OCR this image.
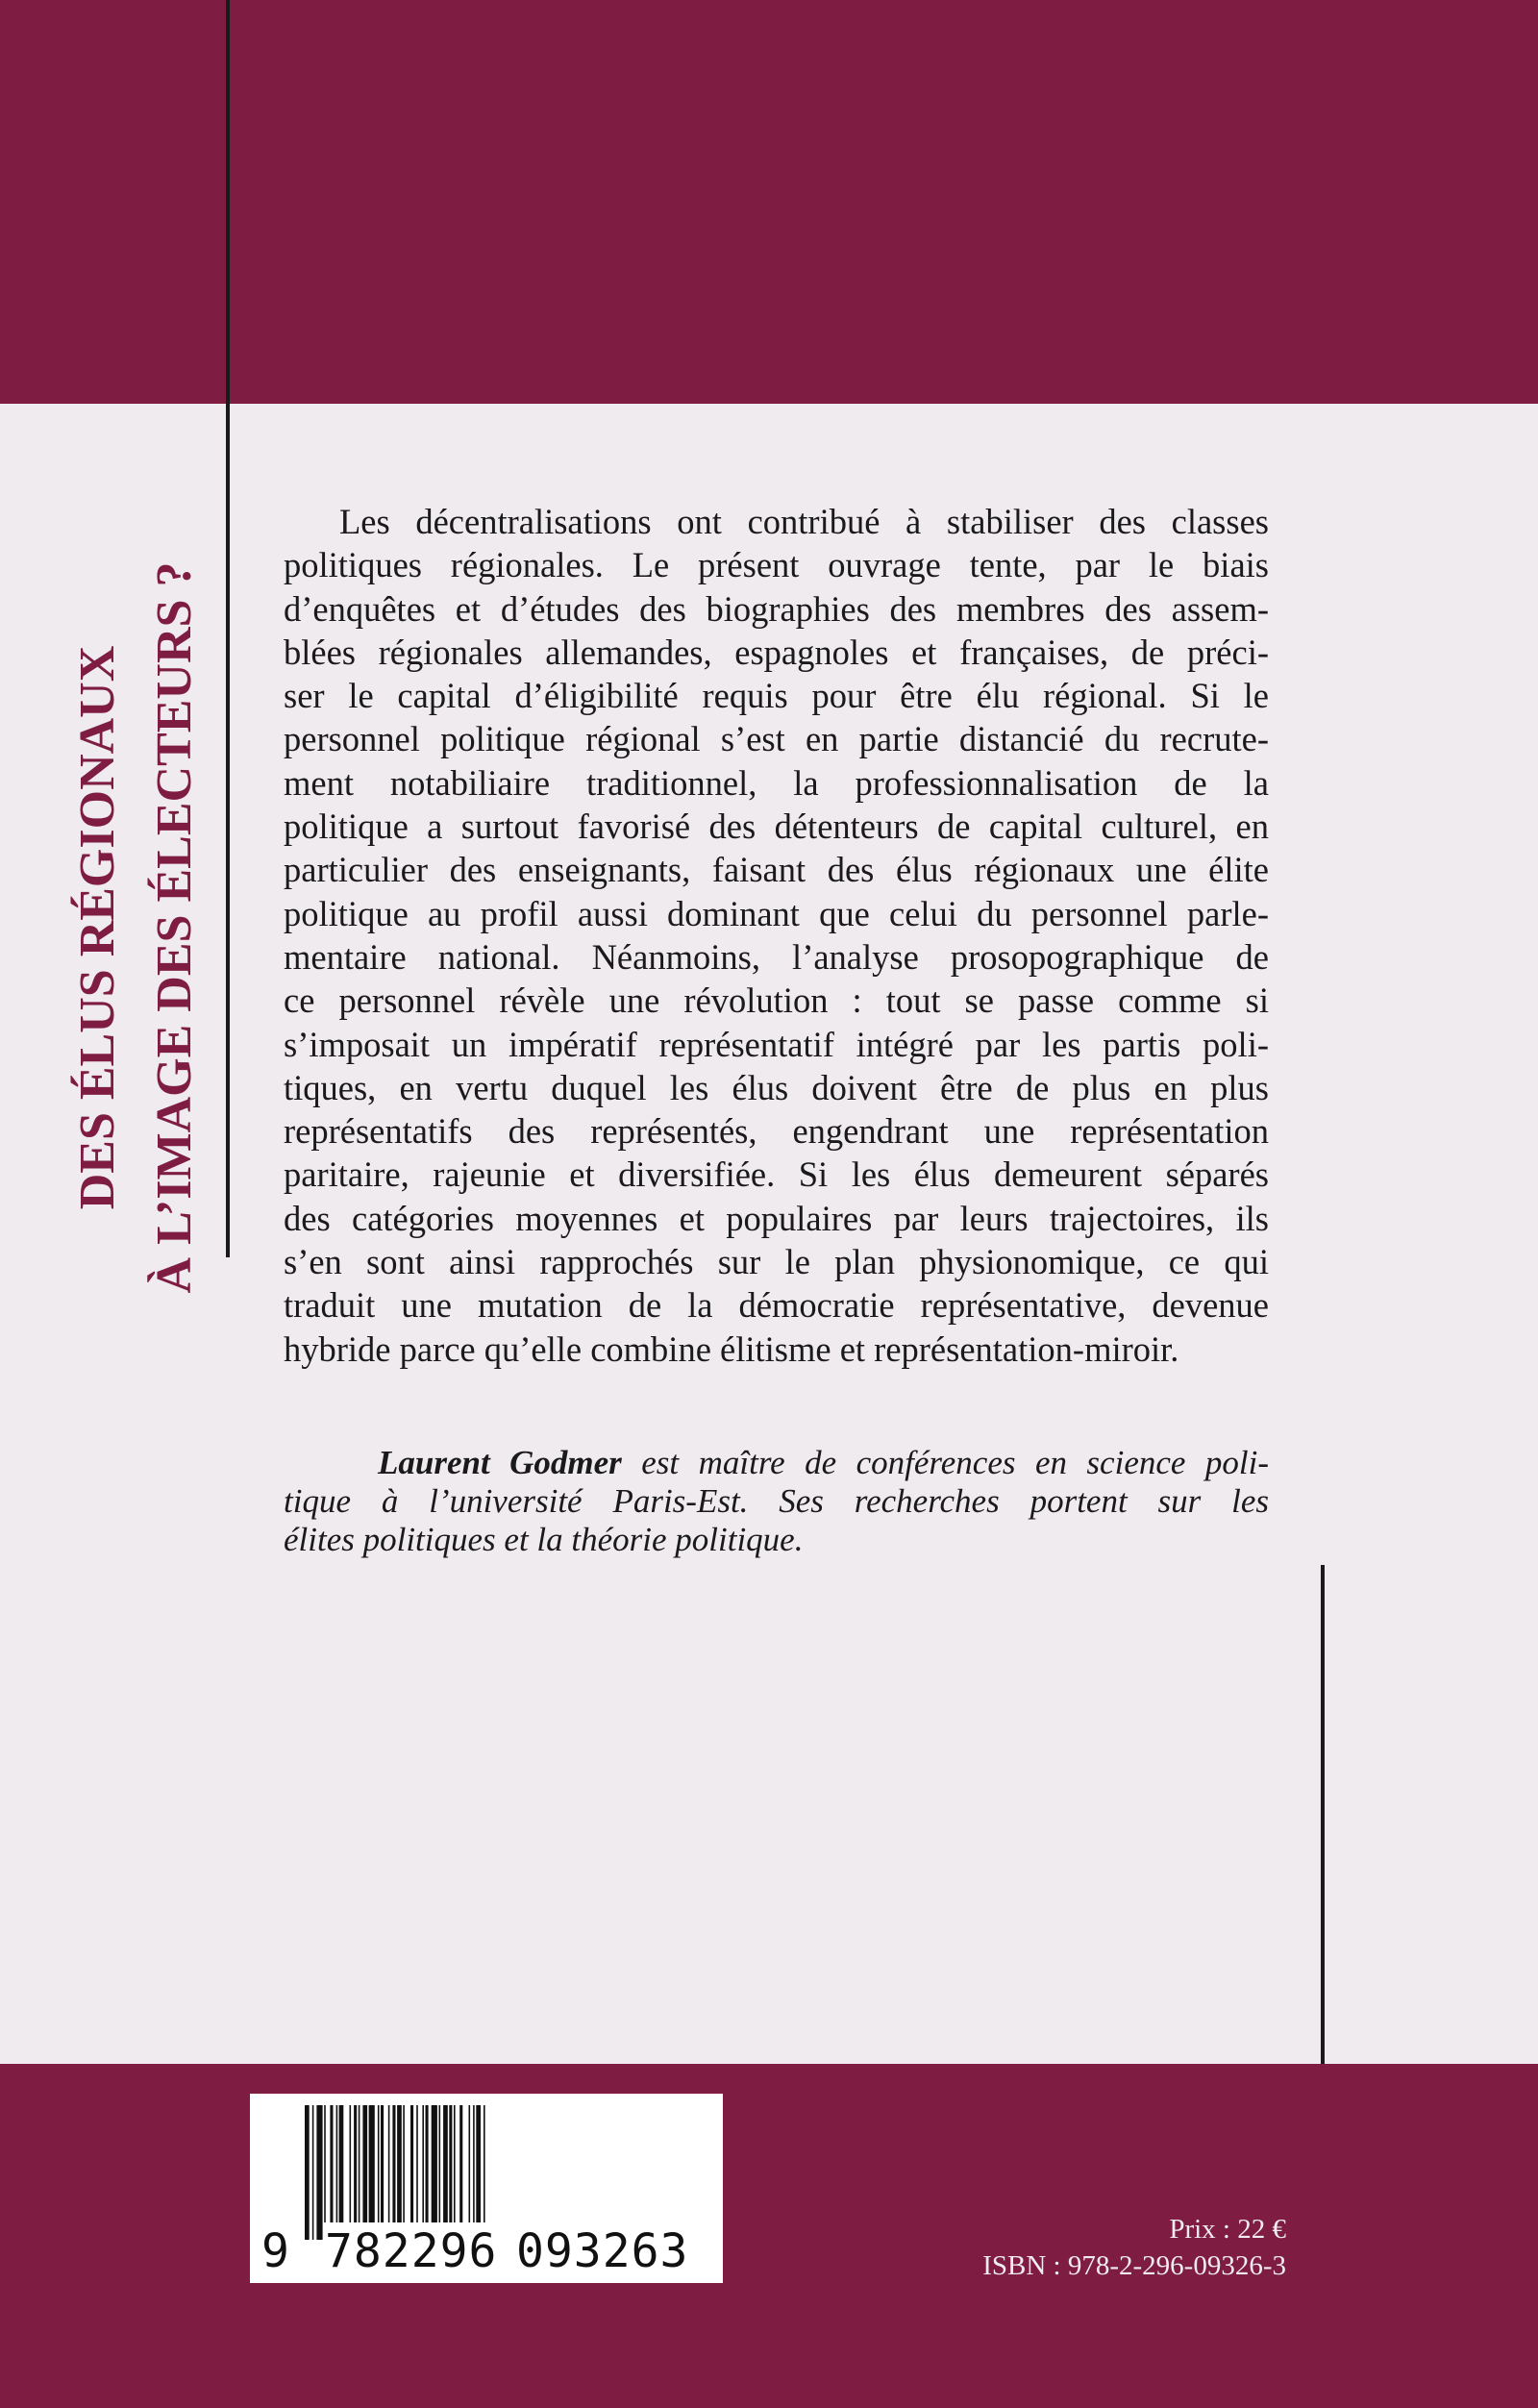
DES ÉLUS RÉGIONAUX À L’IMAGE DES ÉLECTEURS ?
Les décentralisations ont contribué à stabiliser des classes
politiques régionales. Le présent ouvrage tente, par le biais
d’enquêtes et d’études des biographies des membres des assem-
blées régionales allemandes, espagnoles et françaises, de préci-
ser le capital d’éligibilité requis pour être élu régional. Si le
personnel politique régional s’est en partie distancié du recrute-
ment notabiliaire traditionnel, la professionnalisation de la
politique a surtout favorisé des détenteurs de capital culturel, en
particulier des enseignants, faisant des élus régionaux une élite
politique au profil aussi dominant que celui du personnel parle-
mentaire national. Néanmoins, l’analyse prosopographique de
ce personnel révèle une révolution : tout se passe comme si
s’imposait un impératif représentatif intégré par les partis poli-
tiques, en vertu duquel les élus doivent être de plus en plus
représentatifs des représentés, engendrant une représentation
paritaire, rajeunie et diversifiée. Si les élus demeurent séparés
des catégories moyennes et populaires par leurs trajectoires, ils
s’en sont ainsi rapprochés sur le plan physionomique, ce qui
traduit une mutation de la démocratie représentative, devenue
hybride parce qu’elle combine élitisme et représentation-miroir.
Laurent Godmer est maître de conférences en science poli-
tique à l’université Paris-Est. Ses recherches portent sur les
élites politiques et la théorie politique.
9 782296 093263	Prix : 22 €
ISBN : 978-2-296-09326-3
